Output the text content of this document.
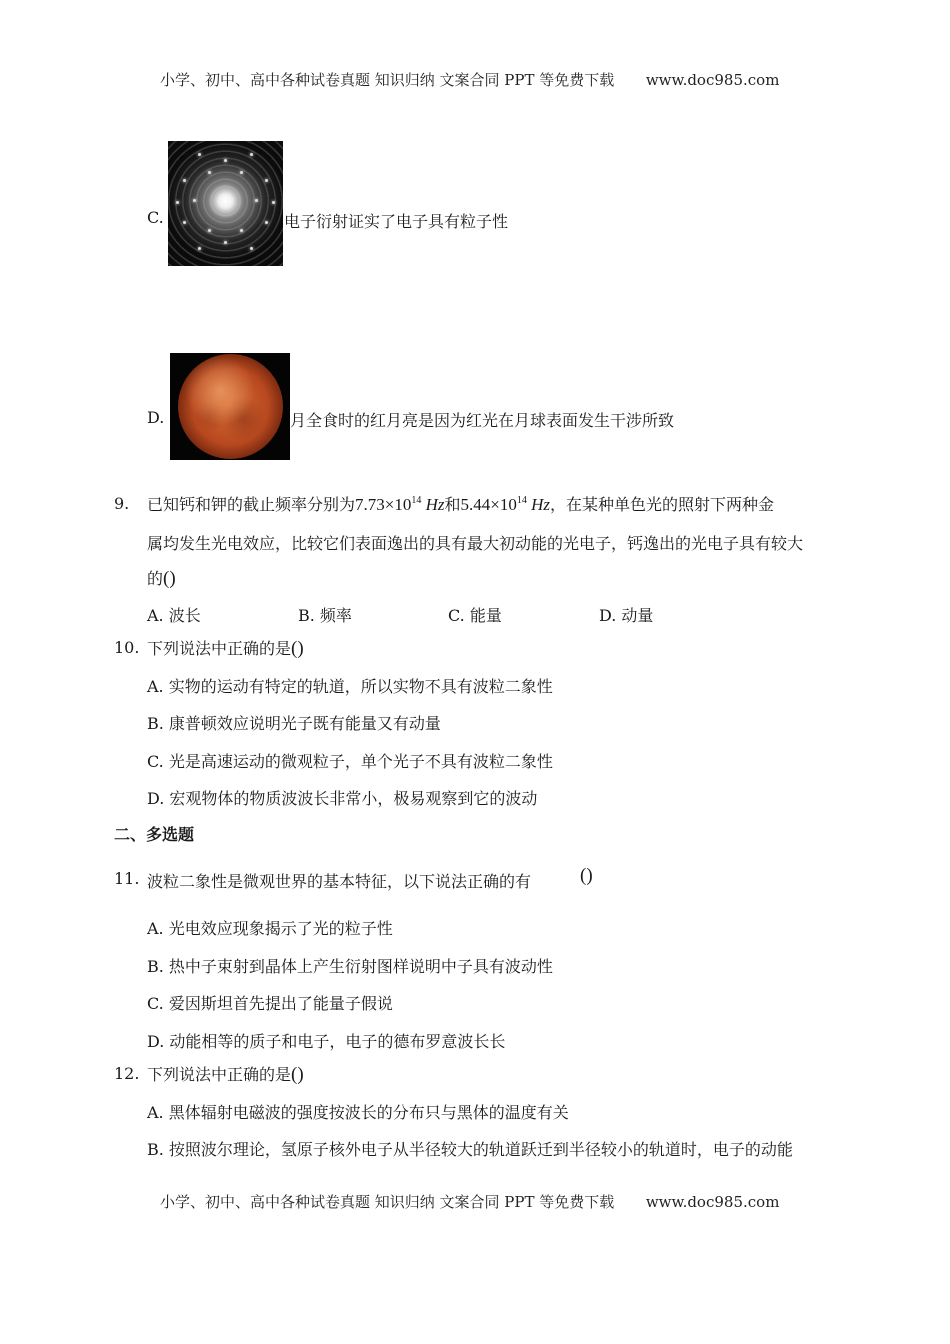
小学、初中、高中各种试卷真题 知识归纳 文案合同 PPT 等免费下载 www.doc985.com
C.	电子衍射证实了电子具有粒子性
D.	月全食时的红月亮是因为红光在月球表面发生干涉所致
9. 已知钙和钾的截止频率分别为$7.73\times 10^{14}$ Hz和$5.44\times 10^{14}$ Hz，在某种单色光的照射下两种金
属均发生光电效应，比较它们表面逸出的具有最大初动能的光电子，钙逸出的光电子具有较大
的()
A. 波长	B. 频率	C. 能量	D. 动量
10. 下列说法中正确的是()
A. 实物的运动有特定的轨道，所以实物不具有波粒二象性
B. 康普顿效应说明光子既有能量又有动量
C. 光是高速运动的微观粒子，单个光子不具有波粒二象性
D. 宏观物体的物质波波长非常小，极易观察到它的波动
二、多选题
11. 波粒二象性是微观世界的基本特征，以下说法正确的有	()
A. 光电效应现象揭示了光的粒子性
B. 热中子束射到晶体上产生衍射图样说明中子具有波动性
C. 爱因斯坦首先提出了能量子假说
D. 动能相等的质子和电子，电子的德布罗意波长长
12. 下列说法中正确的是()
A. 黑体辐射电磁波的强度按波长的分布只与黑体的温度有关
B. 按照波尔理论，氢原子核外电子从半径较大的轨道跃迁到半径较小的轨道时，电子的动能
小学、初中、高中各种试卷真题 知识归纳 文案合同 PPT 等免费下载 www.doc985.com
